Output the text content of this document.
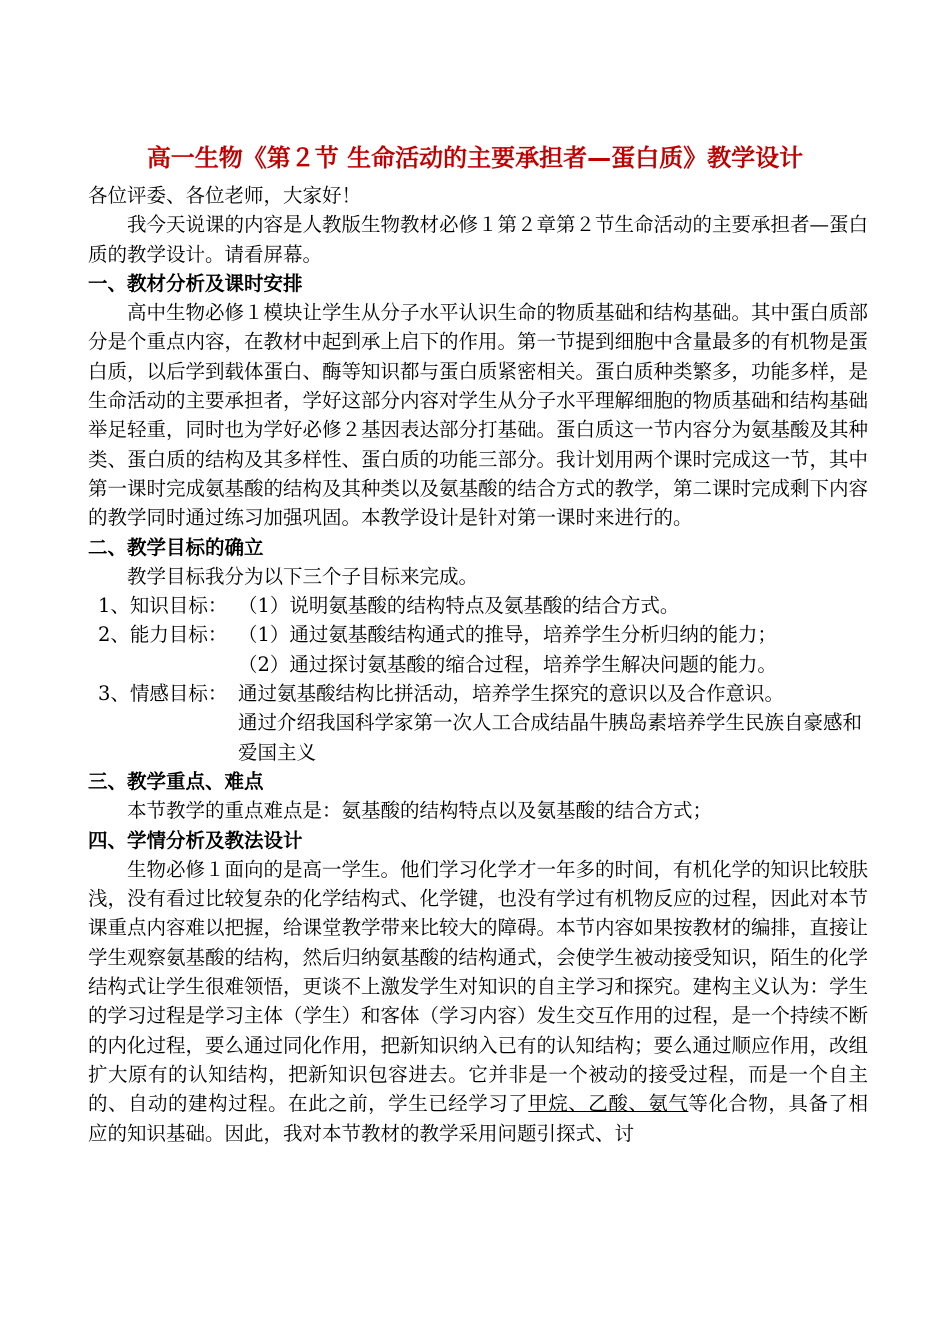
高一生物《第２节 生命活动的主要承担者—蛋白质》教学设计

各位评委、各位老师，大家好！

我今天说课的内容是人教版生物教材必修１第２章第２节生命活动的主要承担者—蛋白质的教学设计。请看屏幕。

一、教材分析及课时安排

高中生物必修１模块让学生从分子水平认识生命的物质基础和结构基础。其中蛋白质部分是个重点内容，在教材中起到承上启下的作用。第一节提到细胞中含量最多的有机物是蛋白质，以后学到载体蛋白、酶等知识都与蛋白质紧密相关。蛋白质种类繁多，功能多样，是生命活动的主要承担者，学好这部分内容对学生从分子水平理解细胞的物质基础和结构基础举足轻重，同时也为学好必修２基因表达部分打基础。蛋白质这一节内容分为氨基酸及其种类、蛋白质的结构及其多样性、蛋白质的功能三部分。我计划用两个课时完成这一节，其中第一课时完成氨基酸的结构及其种类以及氨基酸的结合方式的教学，第二课时完成剩下内容的教学同时通过练习加强巩固。本教学设计是针对第一课时来进行的。

二、教学目标的确立

教学目标我分为以下三个子目标来完成。

1、知识目标： （1）说明氨基酸的结构特点及氨基酸的结合方式。
2、能力目标： （1）通过氨基酸结构通式的推导，培养学生分析归纳的能力；

（2）通过探讨氨基酸的缩合过程，培养学生解决问题的能力。

3、情感目标： 通过氨基酸结构比拼活动，培养学生探究的意识以及合作意识。

通过介绍我国科学家第一次人工合成结晶牛胰岛素培养学生民族自豪感和爱国主义

三、教学重点、难点

本节教学的重点难点是：氨基酸的结构特点以及氨基酸的结合方式；

四、学情分析及教法设计

生物必修１面向的是高一学生。他们学习化学才一年多的时间，有机化学的知识比较肤浅，没有看过比较复杂的化学结构式、化学键，也没有学过有机物反应的过程，因此对本节课重点内容难以把握，给课堂教学带来比较大的障碍。本节内容如果按教材的编排，直接让学生观察氨基酸的结构，然后归纳氨基酸的结构通式，会使学生被动接受知识，陌生的化学结构式让学生很难领悟，更谈不上激发学生对知识的自主学习和探究。建构主义认为：学生的学习过程是学习主体（学生）和客体（学习内容）发生交互作用的过程，是一个持续不断的内化过程，要么通过同化作用，把新知识纳入已有的认知结构；要么通过顺应作用，改组扩大原有的认知结构，把新知识包容进去。它并非是一个被动的接受过程，而是一个自主的、自动的建构过程。在此之前，学生已经学习了甲烷、乙酸、氨气等化合物，具备了相应的知识基础。因此，我对本节教材的教学采用问题引探式、讨
